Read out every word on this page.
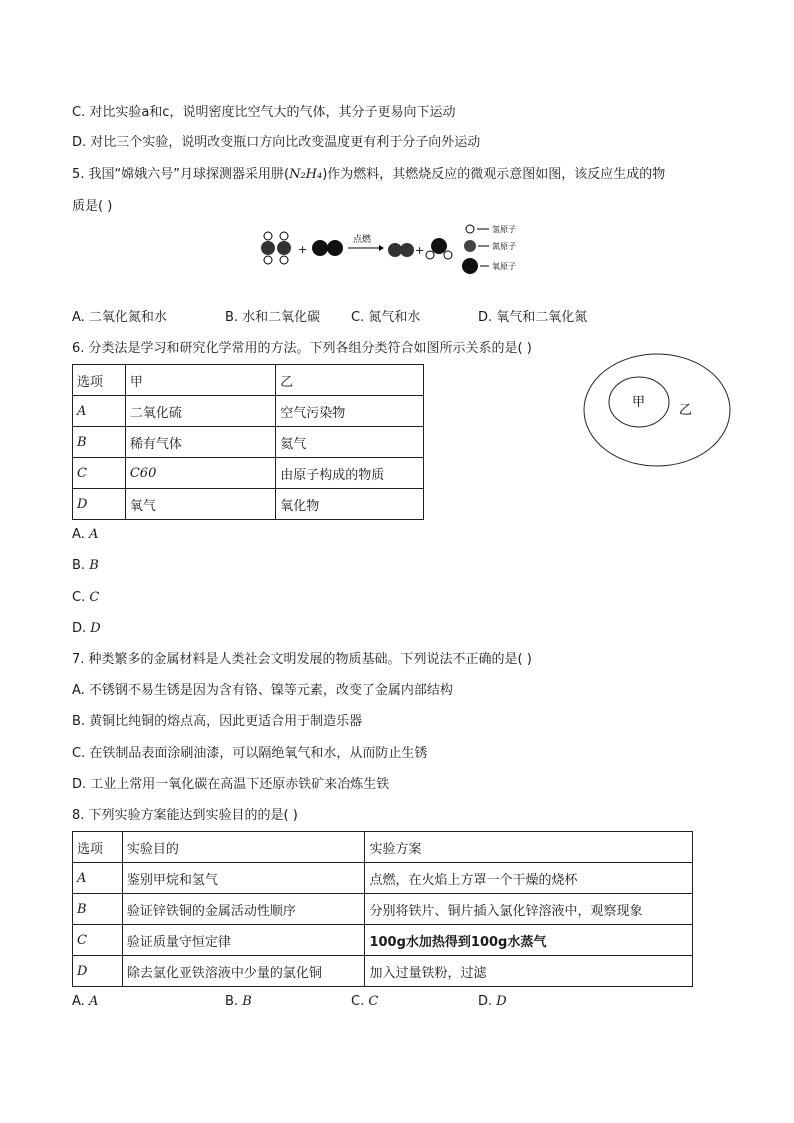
C. 对比实验a和c，说明密度比空气大的气体，其分子更易向下运动
D. 对比三个实验，说明改变瓶口方向比改变温度更有利于分子向外运动
5. 我国“嫦娥六号”月球探测器采用肼(N₂H₄)作为燃料，其燃烧反应的微观示意图如图，该反应生成的物
质是( )
+
点燃
+
氢原子
氮原子
氧原子
A. 二氧化氮和水	B. 水和二氧化碳 C. 氮气和水	D. 氧气和二氧化氮
6. 分类法是学习和研究化学常用的方法。下列各组分类符合如图所示关系的是( )
选项	甲	乙
A	二氧化硫	空气污染物
B	稀有气体	氦气
C	C60	由原子构成的物质
D	氧气	氧化物
甲
乙
A. A
B. B
C. C
D. D
7. 种类繁多的金属材料是人类社会文明发展的物质基础。下列说法不正确的是( )
A. 不锈钢不易生锈是因为含有铬、镍等元素，改变了金属内部结构
B. 黄铜比纯铜的熔点高，因此更适合用于制造乐器
C. 在铁制品表面涂刷油漆，可以隔绝氧气和水，从而防止生锈
D. 工业上常用一氧化碳在高温下还原赤铁矿来冶炼生铁
8. 下列实验方案能达到实验目的的是( )
选项	实验目的	实验方案
A	鉴别甲烷和氢气	点燃，在火焰上方罩一个干燥的烧杯
B	验证锌铁铜的金属活动性顺序	分别将铁片、铜片插入氯化锌溶液中，观察现象
C	验证质量守恒定律	100g水加热得到100g水蒸气
D	除去氯化亚铁溶液中少量的氯化铜	加入过量铁粉，过滤
A. A	B. B	C. C	D. D
